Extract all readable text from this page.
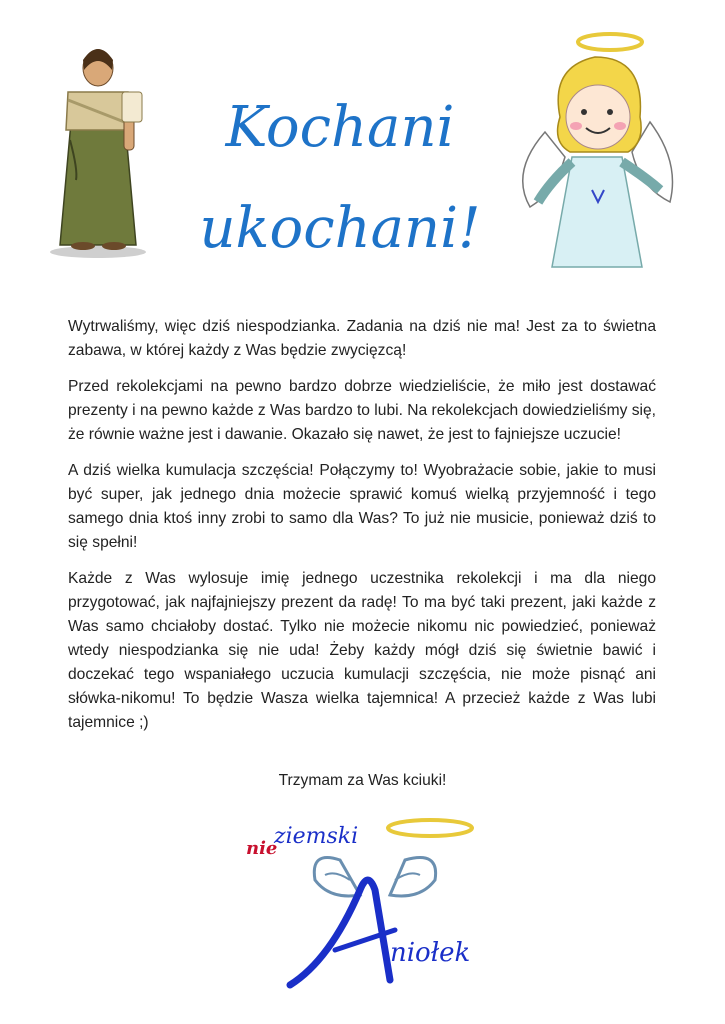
Kochani
ukochani!

Wytrwaliśmy, więc dziś niespodzianka. Zadania na dziś nie ma! Jest za to świetna zabawa, w której każdy z Was będzie zwycięzcą!

Przed rekolekcjami na pewno bardzo dobrze wiedzieliście, że miło jest dostawać prezenty i na pewno każde z Was bardzo to lubi. Na rekolekcjach dowiedzieliśmy się, że równie ważne jest i dawanie. Okazało się nawet, że jest to fajniejsze uczucie!

A dziś wielka kumulacja szczęścia! Połączymy to! Wyobrażacie sobie, jakie to musi być super, jak jednego dnia możecie sprawić komuś wielką przyjemność i tego samego dnia ktoś inny zrobi to samo dla Was? To już nie musicie, ponieważ dziś to się spełni!

Każde z Was wylosuje imię jednego uczestnika rekolekcji i ma dla niego przygotować, jak najfajniejszy prezent da radę! To ma być taki prezent, jaki każde z Was samo chciałoby dostać. Tylko nie możecie nikomu nic powiedzieć, ponieważ wtedy niespodzianka się nie uda! Żeby każdy mógł dziś się świetnie bawić i doczekać tego wspaniałego uczucia kumulacji szczęścia, nie może pisnąć ani słówka-nikomu! To będzie Wasza wielka tajemnica! A przecież każde z Was lubi tajemnice ;)

Trzymam za Was kciuki!
nie
ziemski
niołek
